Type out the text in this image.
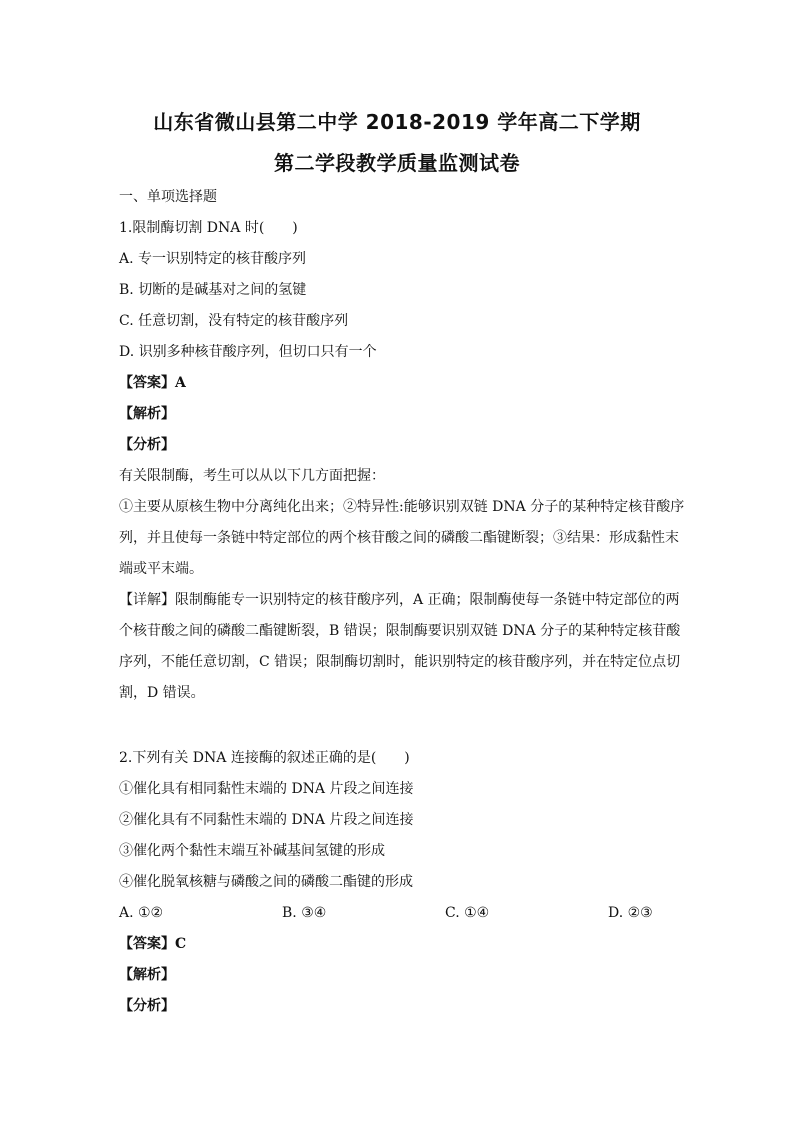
山东省微山县第二中学 2018-2019 学年高二下学期
第二学段教学质量监测试卷
一、单项选择题
1.限制酶切割 DNA 时(　　)
A. 专一识别特定的核苷酸序列
B. 切断的是碱基对之间的氢键
C. 任意切割，没有特定的核苷酸序列
D. 识别多种核苷酸序列，但切口只有一个
【答案】A
【解析】
【分析】
有关限制酶，考生可以从以下几方面把握：
①主要从原核生物中分离纯化出来；②特异性:能够识别双链 DNA 分子的某种特定核苷酸序
列，并且使每一条链中特定部位的两个核苷酸之间的磷酸二酯键断裂；③结果：形成黏性末
端或平末端。
【详解】限制酶能专一识别特定的核苷酸序列，A 正确；限制酶使每一条链中特定部位的两
个核苷酸之间的磷酸二酯键断裂，B 错误；限制酶要识别双链 DNA 分子的某种特定核苷酸
序列，不能任意切割，C 错误；限制酶切割时，能识别特定的核苷酸序列，并在特定位点切
割，D 错误。
2.下列有关 DNA 连接酶的叙述正确的是(　　)
①催化具有相同黏性末端的 DNA 片段之间连接
②催化具有不同黏性末端的 DNA 片段之间连接
③催化两个黏性末端互补碱基间氢键的形成
④催化脱氧核糖与磷酸之间的磷酸二酯键的形成
A. ①②	B. ③④	C. ①④	D. ②③
【答案】C
【解析】
【分析】
